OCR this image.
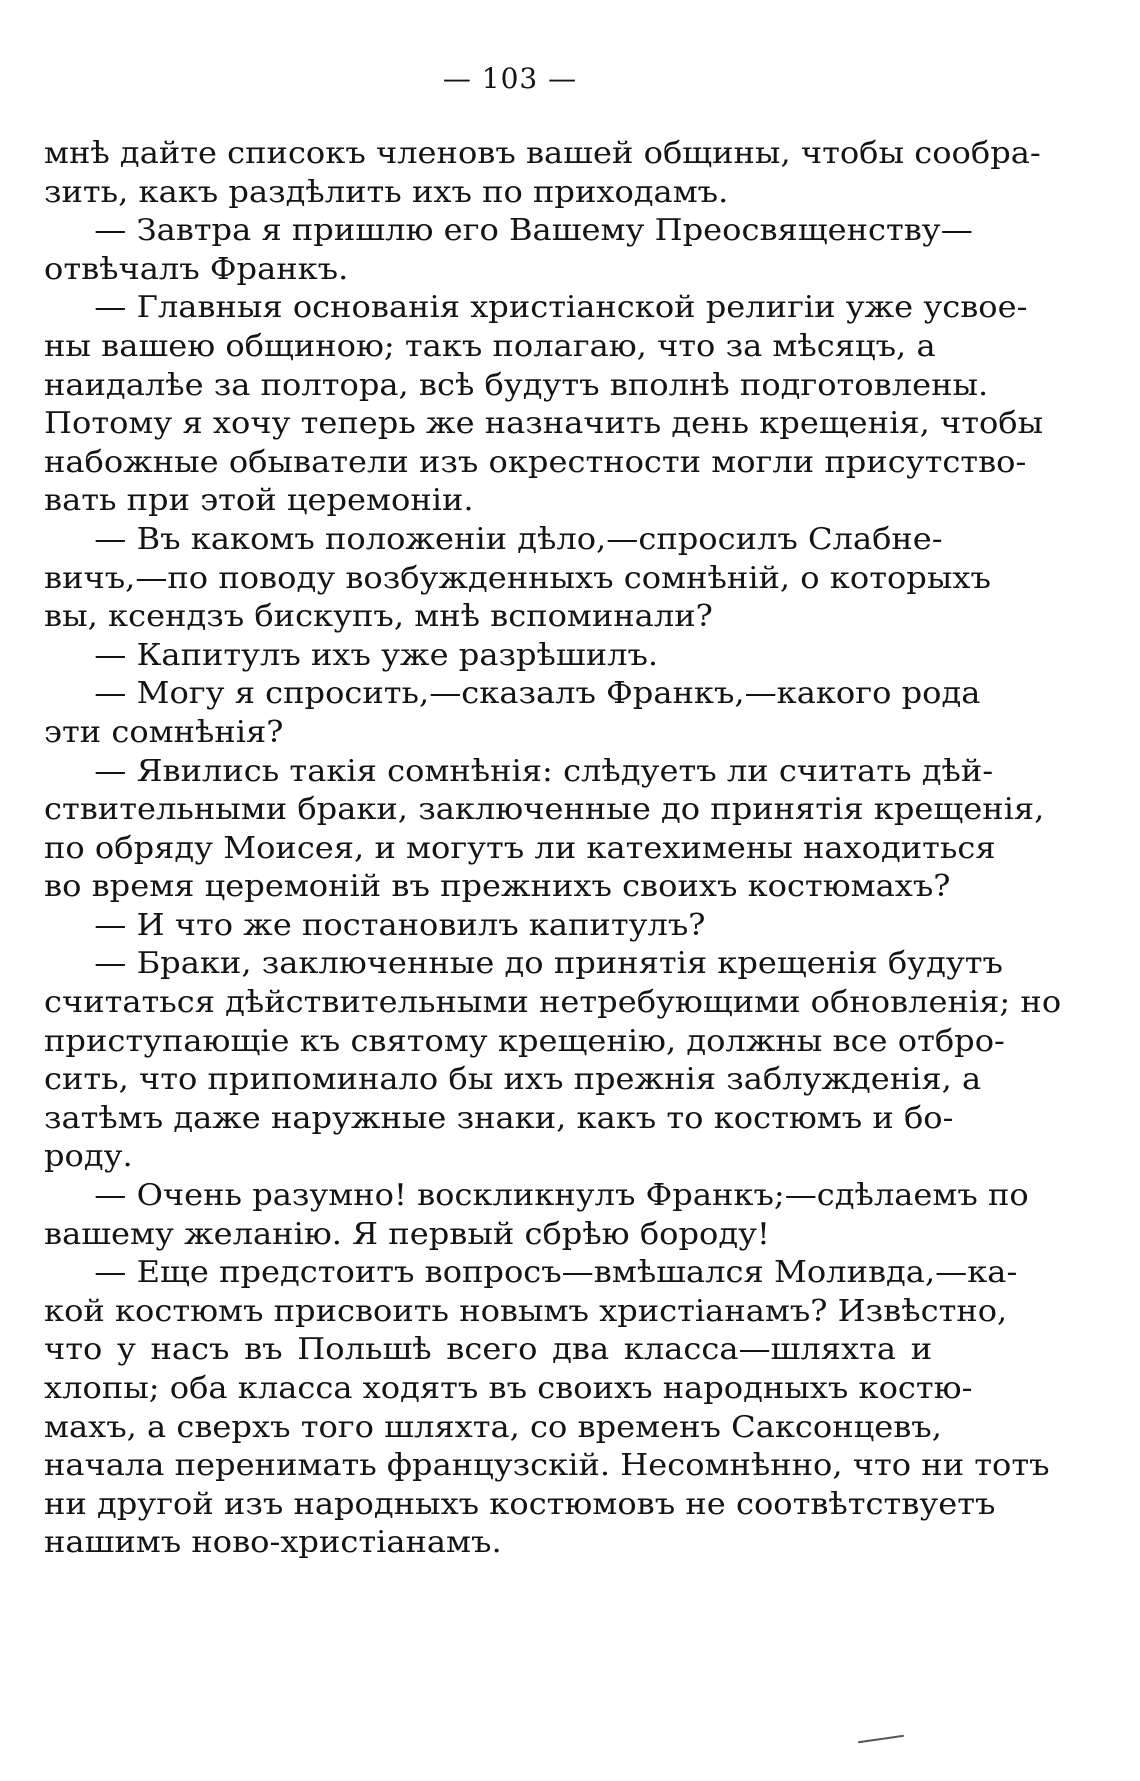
— 103 —
мнѣ дайте списокъ членовъ вашей общины, чтобы сообра-
зить, какъ раздѣлить ихъ по приходамъ.
— Завтра я пришлю его Вашему Преосвященству—
отвѣчалъ Франкъ.
— Главныя основанія христіанской религіи уже усвое-
ны вашею общиною; такъ полагаю, что за мѣсяцъ, а
наидалѣе за полтора, всѣ будутъ вполнѣ подготовлены.
Потому я хочу теперь же назначить день крещенія, чтобы
набожные обыватели изъ окрестности могли присутство-
вать при этой церемоніи.
— Въ какомъ положеніи дѣло,—спросилъ Слабне-
вичъ,—по поводу возбужденныхъ сомнѣній, о которыхъ
вы, ксендзъ бискупъ, мнѣ вспоминали?
— Капитулъ ихъ уже разрѣшилъ.
— Могу я спросить,—сказалъ Франкъ,—какого рода
эти сомнѣнія?
— Явились такія сомнѣнія: слѣдуетъ ли считать дѣй-
ствительными браки, заключенные до принятія крещенія,
по обряду Моисея, и могутъ ли катехимены находиться
во время церемоній въ прежнихъ своихъ костюмахъ?
— И что же постановилъ капитулъ?
— Браки, заключенные до принятія крещенія будутъ
считаться дѣйствительными нетребующими обновленія; но
приступающіе къ святому крещенію, должны все отбро-
сить, что припоминало бы ихъ прежнія заблужденія, а
затѣмъ даже наружные знаки, какъ то костюмъ и бо-
роду.
— Очень разумно! воскликнулъ Франкъ;—сдѣлаемъ по
вашему желанію. Я первый сбрѣю бороду!
— Еще предстоитъ вопросъ—вмѣшался Моливда,—ка-
кой костюмъ присвоить новымъ христіанамъ? Извѣстно,
что у насъ въ Польшѣ всего два класса—шляхта и
хлопы; оба класса ходятъ въ своихъ народныхъ костю-
махъ, а сверхъ того шляхта, со временъ Саксонцевъ,
начала перенимать французскій. Несомнѣнно, что ни тотъ
ни другой изъ народныхъ костюмовъ не соотвѣтствуетъ
нашимъ ново-христіанамъ.
